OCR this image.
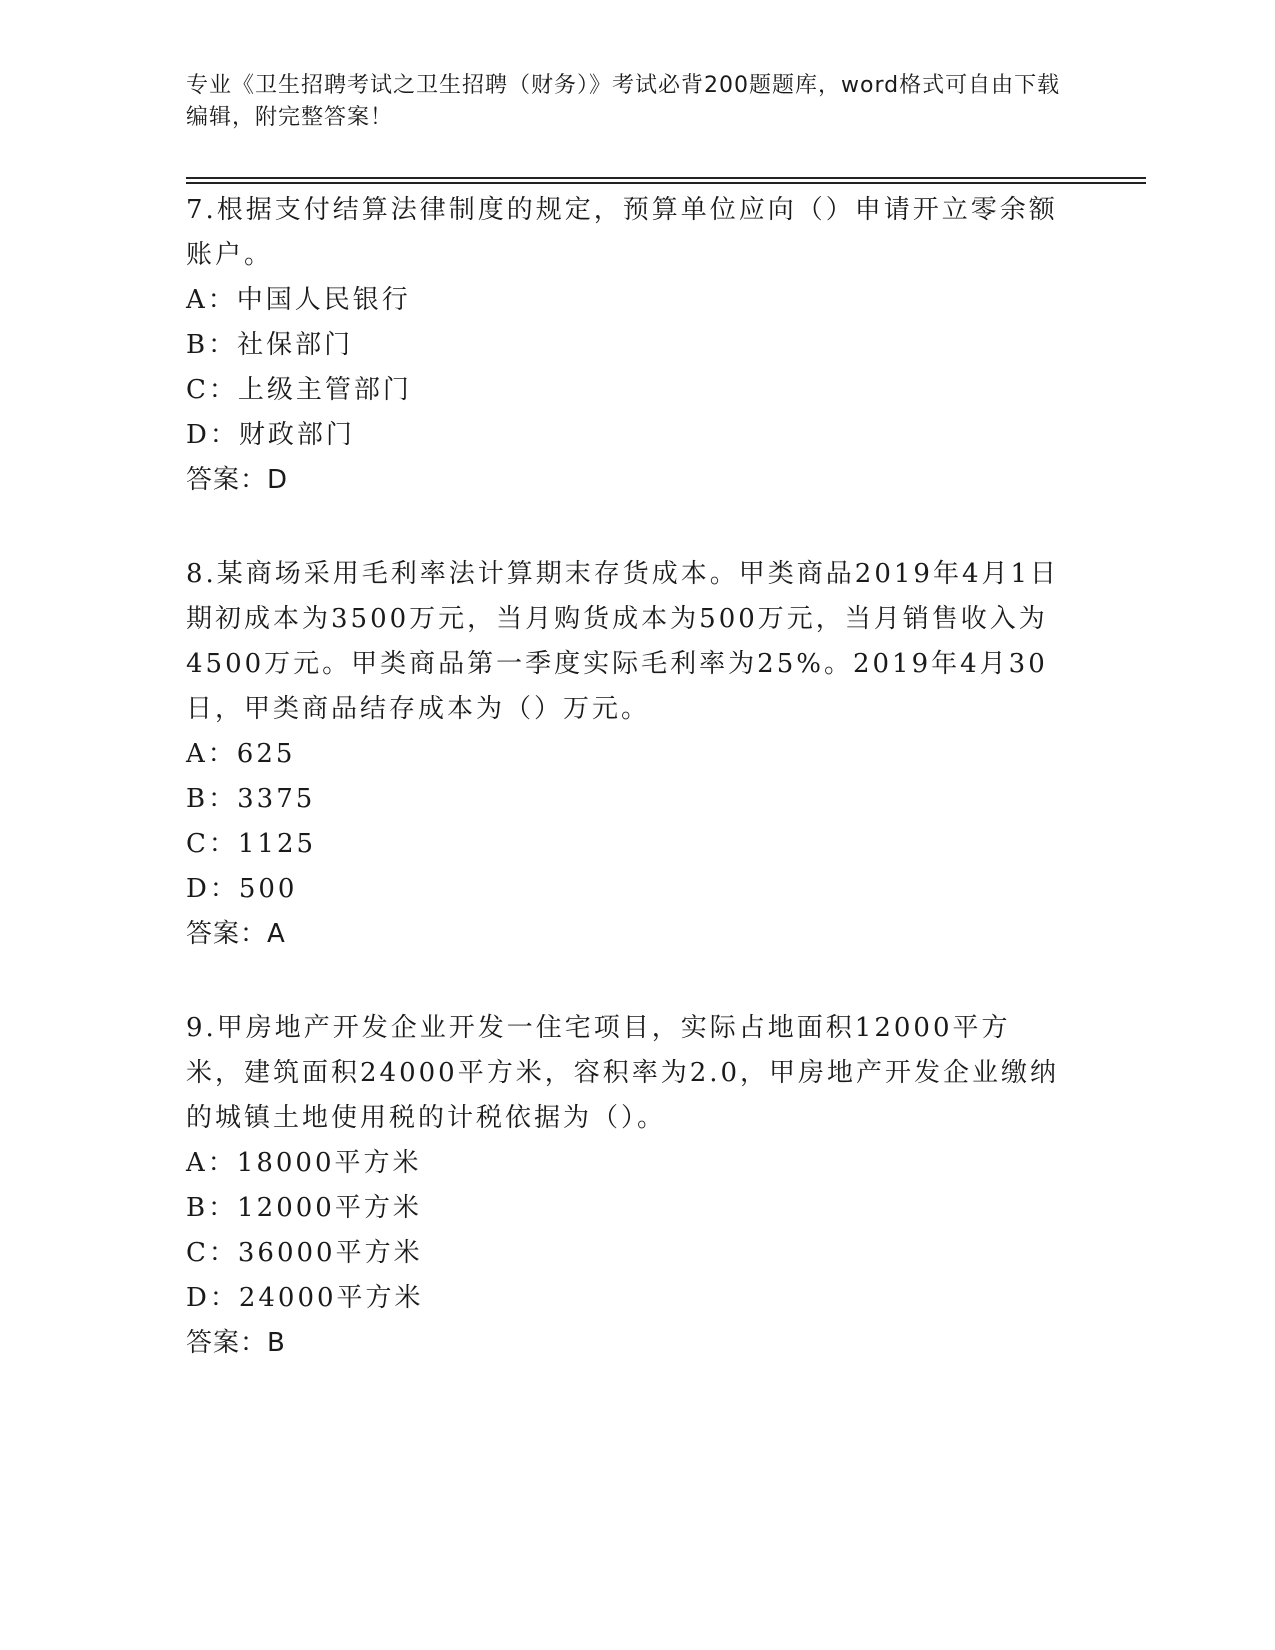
专业《卫生招聘考试之卫生招聘（财务）》考试必背200题题库，word格式可自由下载编辑，附完整答案！

7.根据支付结算法律制度的规定，预算单位应向（）申请开立零余额账户。

A：中国人民银行
B：社保部门
C：上级主管部门
D：财政部门
答案：D

8.某商场采用毛利率法计算期末存货成本。甲类商品2019年4月1日期初成本为3500万元，当月购货成本为500万元，当月销售收入为4500万元。甲类商品第一季度实际毛利率为25%。2019年4月30日，甲类商品结存成本为（）万元。

A：625
B：3375
C：1125
D：500
答案：A

9.甲房地产开发企业开发一住宅项目，实际占地面积12000平方米，建筑面积24000平方米，容积率为2.0，甲房地产开发企业缴纳的城镇土地使用税的计税依据为（）。

A：18000平方米
B：12000平方米
C：36000平方米
D：24000平方米
答案：B
